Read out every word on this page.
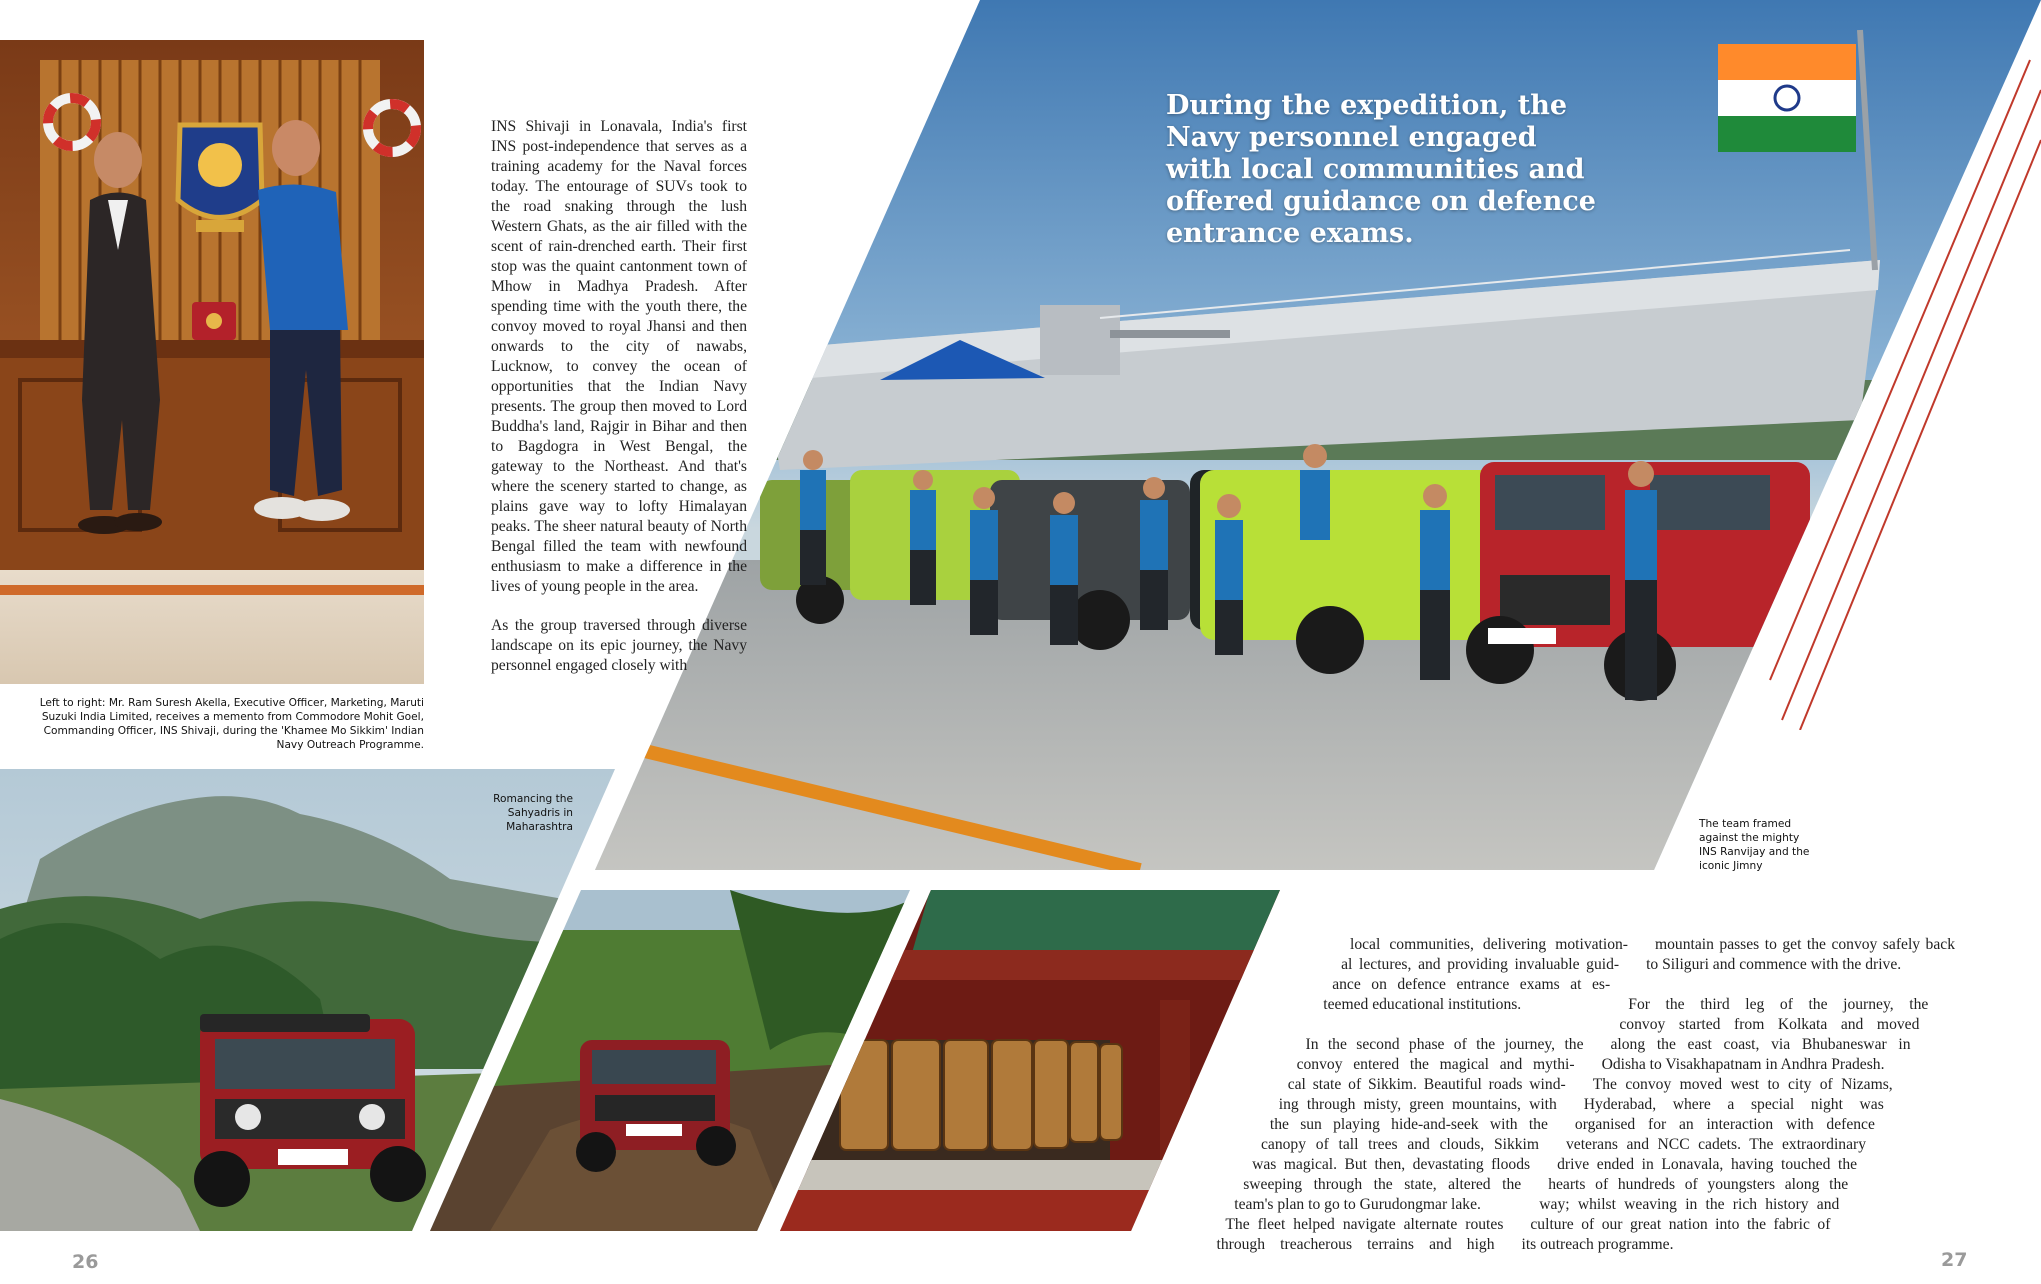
Romancing the Sahyadris in Maharashtra

INS Shivaji in Lonavala, India's first INS post-independence that serves as a training academy for the Naval forces today. The entourage of SUVs took to the road snaking through the lush Western Ghats, as the air filled with the scent of rain-drenched earth. Their first stop was the quaint cantonment town of Mhow in Madhya Pradesh. After spending time with the youth there, the convoy moved to royal Jhansi and then onwards to the city of nawabs, Lucknow, to convey the ocean of opportunities that the Indian Navy presents. The group then moved to Lord Buddha's land, Rajgir in Bihar and then to Bagdogra in West Bengal, the gateway to the Northeast. And that's where the scenery started to change, as plains gave way to lofty Himalayan peaks. The sheer natural beauty of North Bengal filled the team with newfound enthusiasm to make a difference in the lives of young people in the area.

As the group traversed through diverse landscape on its epic journey, the Navy personnel engaged closely with

Left to right: Mr. Ram Suresh Akella, Executive Officer, Marketing, Maruti Suzuki India Limited, receives a memento from Commodore Mohit Goel, Commanding Officer, INS Shivaji, during the 'Khamee Mo Sikkim' Indian Navy Outreach Programme.
During the expedition, the Navy personnel engaged with local communities and offered guidance on defence entrance exams.
The team framed against the mighty INS Ranvijay and the iconic Jimny
local communities, delivering motivation-
al lectures, and providing invaluable guid-
ance on defence entrance exams at es-
teemed educational institutions.
In the second phase of the journey, the
convoy entered the magical and mythi-
cal state of Sikkim. Beautiful roads wind-
ing through misty, green mountains, with
the sun playing hide-and-seek with the
canopy of tall trees and clouds, Sikkim
was magical. But then, devastating floods
sweeping through the state, altered the
team's plan to go to Gurudongmar lake.
The fleet helped navigate alternate routes
through treacherous terrains and high
mountain passes to get the convoy safely back
to Siliguri and commence with the drive.
For the third leg of the journey, the
convoy started from Kolkata and moved
along the east coast, via Bhubaneswar in
Odisha to Visakhapatnam in Andhra Pradesh.
The convoy moved west to city of Nizams,
Hyderabad, where a special night was
organised for an interaction with defence
veterans and NCC cadets. The extraordinary
drive ended in Lonavala, having touched the
hearts of hundreds of youngsters along the
way; whilst weaving in the rich history and
culture of our great nation into the fabric of
its outreach programme.
26	27
